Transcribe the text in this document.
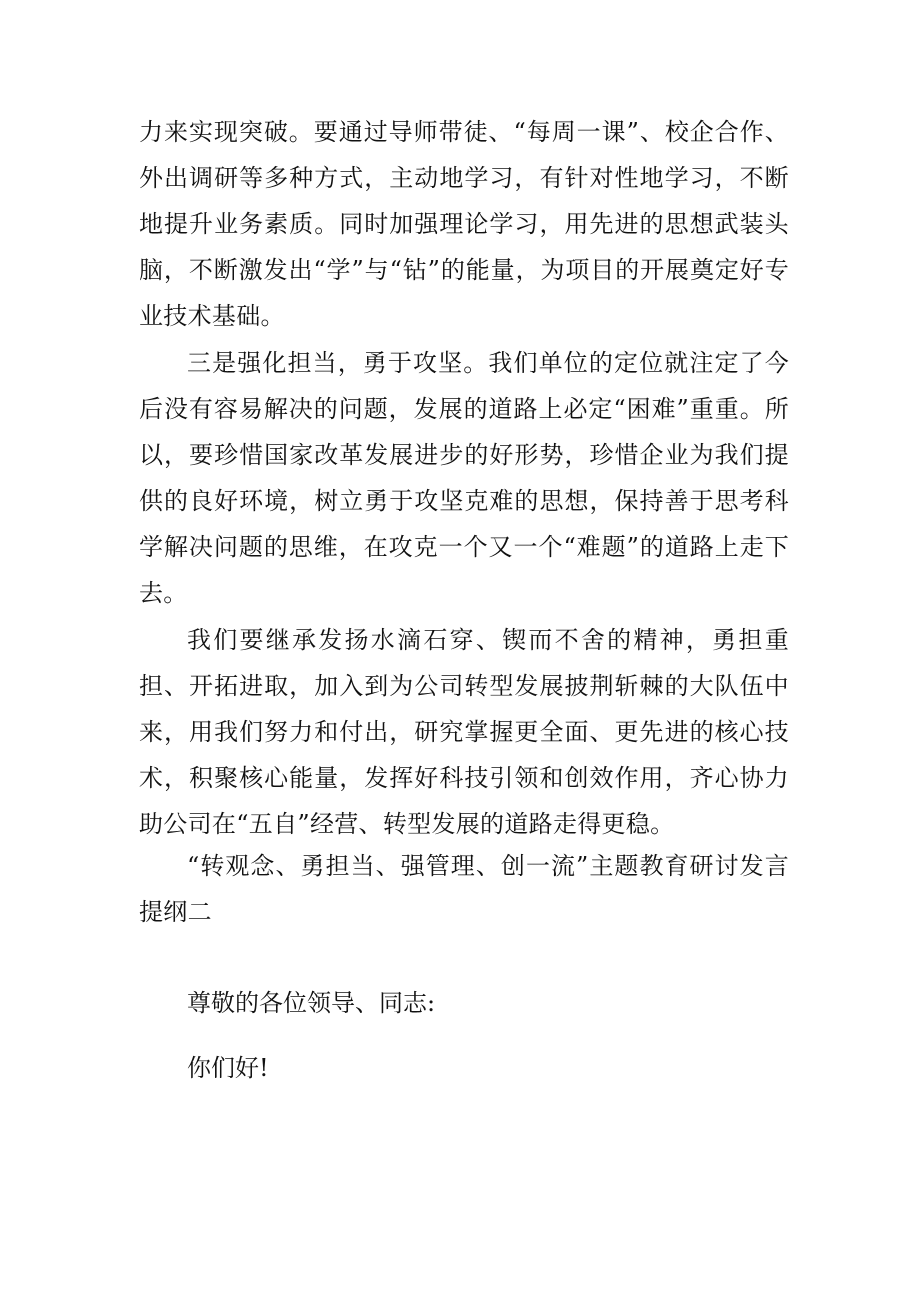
力来实现突破。要通过导师带徒、“每周一课”、校企合作、外出调研等多种方式，主动地学习，有针对性地学习，不断地提升业务素质。同时加强理论学习，用先进的思想武装头脑，不断激发出“学”与“钻”的能量，为项目的开展奠定好专业技术基础。

三是强化担当，勇于攻坚。我们单位的定位就注定了今后没有容易解决的问题，发展的道路上必定“困难”重重。所以，要珍惜国家改革发展进步的好形势，珍惜企业为我们提供的良好环境，树立勇于攻坚克难的思想，保持善于思考科学解决问题的思维，在攻克一个又一个“难题”的道路上走下去。

我们要继承发扬水滴石穿、锲而不舍的精神，勇担重担、开拓进取，加入到为公司转型发展披荆斩棘的大队伍中来，用我们努力和付出，研究掌握更全面、更先进的核心技术，积聚核心能量，发挥好科技引领和创效作用，齐心协力助公司在“五自”经营、转型发展的道路走得更稳。

“转观念、勇担当、强管理、创一流”主题教育研讨发言提纲二

尊敬的各位领导、同志:

你们好!
